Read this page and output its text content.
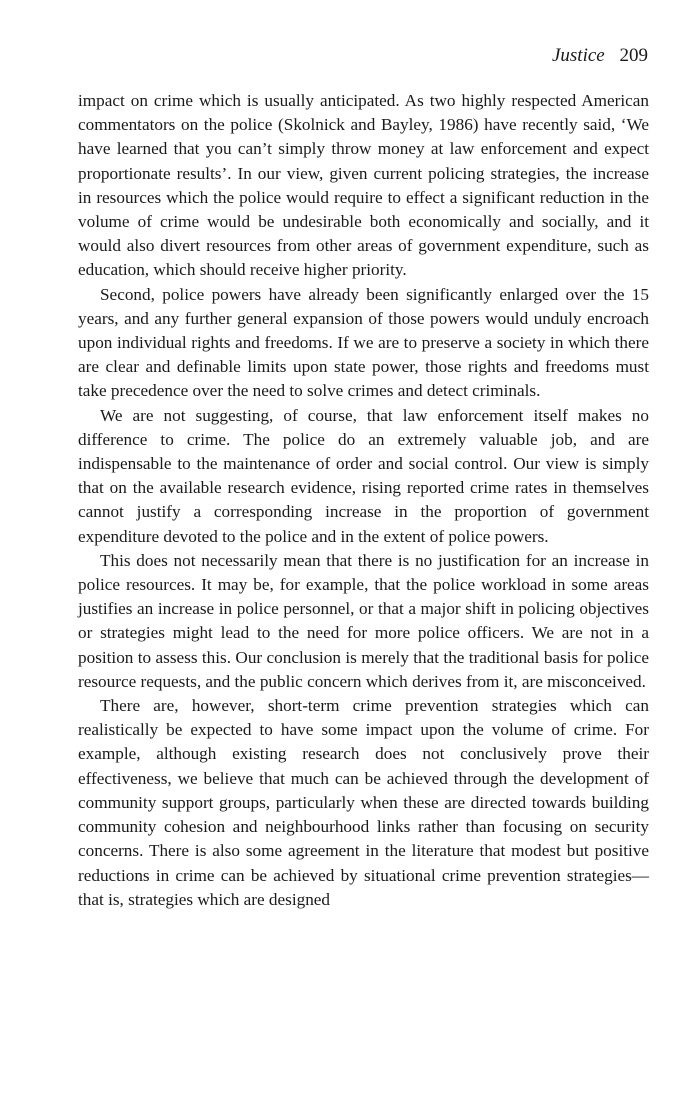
Justice 209

impact on crime which is usually anticipated. As two highly respected American commentators on the police (Skolnick and Bayley, 1986) have recently said, ‘We have learned that you can’t simply throw money at law enforcement and expect proportionate results’. In our view, given current policing strategies, the increase in resources which the police would require to effect a significant reduction in the volume of crime would be undesirable both economically and socially, and it would also divert resources from other areas of government expenditure, such as education, which should receive higher priority.

Second, police powers have already been significantly enlarged over the 15 years, and any further general expansion of those powers would unduly encroach upon individual rights and freedoms. If we are to preserve a society in which there are clear and definable limits upon state power, those rights and freedoms must take precedence over the need to solve crimes and detect criminals.

We are not suggesting, of course, that law enforcement itself makes no difference to crime. The police do an extremely valuable job, and are indispensable to the maintenance of order and social control. Our view is simply that on the available research evidence, rising reported crime rates in themselves cannot justify a corresponding increase in the proportion of government expenditure devoted to the police and in the extent of police powers.

This does not necessarily mean that there is no justification for an increase in police resources. It may be, for example, that the police workload in some areas justifies an increase in police personnel, or that a major shift in policing objectives or strategies might lead to the need for more police officers. We are not in a position to assess this. Our conclusion is merely that the traditional basis for police resource requests, and the public concern which derives from it, are misconceived.

There are, however, short-term crime prevention strategies which can realistically be expected to have some impact upon the volume of crime. For example, although existing research does not conclusively prove their effectiveness, we believe that much can be achieved through the development of community support groups, particularly when these are directed towards building community cohesion and neighbourhood links rather than focusing on security concerns. There is also some agreement in the literature that modest but positive reductions in crime can be achieved by situational crime prevention strategies—that is, strategies which are designed
